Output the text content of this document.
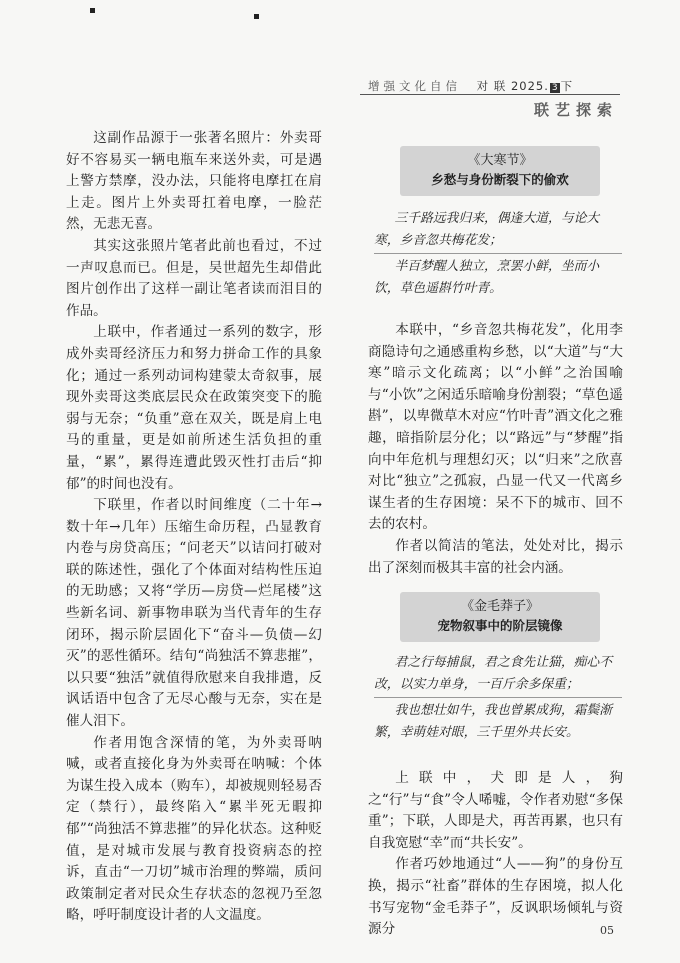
增强文化自信 对 联 2025. 3 下
联艺探索

这副作品源于一张著名照片：外卖哥好不容易买一辆电瓶车来送外卖，可是遇上警方禁摩，没办法，只能将电摩扛在肩上走。图片上外卖哥扛着电摩，一脸茫然，无悲无喜。

其实这张照片笔者此前也看过，不过一声叹息而已。但是，吴世超先生却借此图片创作出了这样一副让笔者读而泪目的作品。

上联中，作者通过一系列的数字，形成外卖哥经济压力和努力拼命工作的具象化；通过一系列动词构建蒙太奇叙事，展现外卖哥这类底层民众在政策突变下的脆弱与无奈；“负重”意在双关，既是肩上电马的重量，更是如前所述生活负担的重量，“累”，累得连遭此毁灭性打击后“抑郁”的时间也没有。

下联里，作者以时间维度（二十年→数十年→几年）压缩生命历程，凸显教育内卷与房贷高压；“问老天”以诘问打破对联的陈述性，强化了个体面对结构性压迫的无助感；又将“学历—房贷—烂尾楼”这些新名词、新事物串联为当代青年的生存闭环，揭示阶层固化下“奋斗—负债—幻灭”的恶性循环。结句“尚独活不算悲摧”，以只要“独活”就值得欣慰来自我排遣，反讽话语中包含了无尽心酸与无奈，实在是催人泪下。

作者用饱含深情的笔，为外卖哥呐喊，或者直接化身为外卖哥在呐喊：个体为谋生投入成本（购车），却被规则轻易否定（禁行），最终陷入“累半死无暇抑郁”“尚独活不算悲摧”的异化状态。这种贬值，是对城市发展与教育投资病态的控诉，直击“一刀切”城市治理的弊端，质问政策制定者对民众生存状态的忽视乃至忽略，呼吁制度设计者的人文温度。

《大寒节》
乡愁与身份断裂下的偷欢

三千路远我归来，偶逢大道，与论大寒，乡音忽共梅花发；

半百梦醒人独立，烹罢小鲜，坐而小饮，草色遥斟竹叶青。

本联中，“乡音忽共梅花发”，化用李商隐诗句之通感重构乡愁，以“大道”与“大寒”暗示文化疏离；以“小鲜”之治国喻与“小饮”之闲适乐暗喻身份割裂；“草色遥斟”，以卑微草木对应“竹叶青”酒文化之雅趣，暗指阶层分化；以“路远”与“梦醒”指向中年危机与理想幻灭；以“归来”之欣喜对比“独立”之孤寂，凸显一代又一代离乡谋生者的生存困境：呆不下的城市、回不去的农村。

作者以简洁的笔法，处处对比，揭示出了深刻而极其丰富的社会内涵。

《金毛莽子》
宠物叙事中的阶层镜像

君之行每捕鼠，君之食先让猫，痴心不改，以实力单身，一百斤余多保重；

我也想壮如牛，我也曾累成狗，霜鬓渐繁，幸萌娃对眼，三千里外共长安。

上联中，犬即是人，狗之“行”与“食”令人唏嘘，令作者劝慰“多保重”；下联，人即是犬，再苦再累，也只有自我宽慰“幸”而“共长安”。

作者巧妙地通过“人——狗”的身份互换，揭示“社畜”群体的生存困境，拟人化书写宠物“金毛莽子”，反讽职场倾轧与资源分	05
